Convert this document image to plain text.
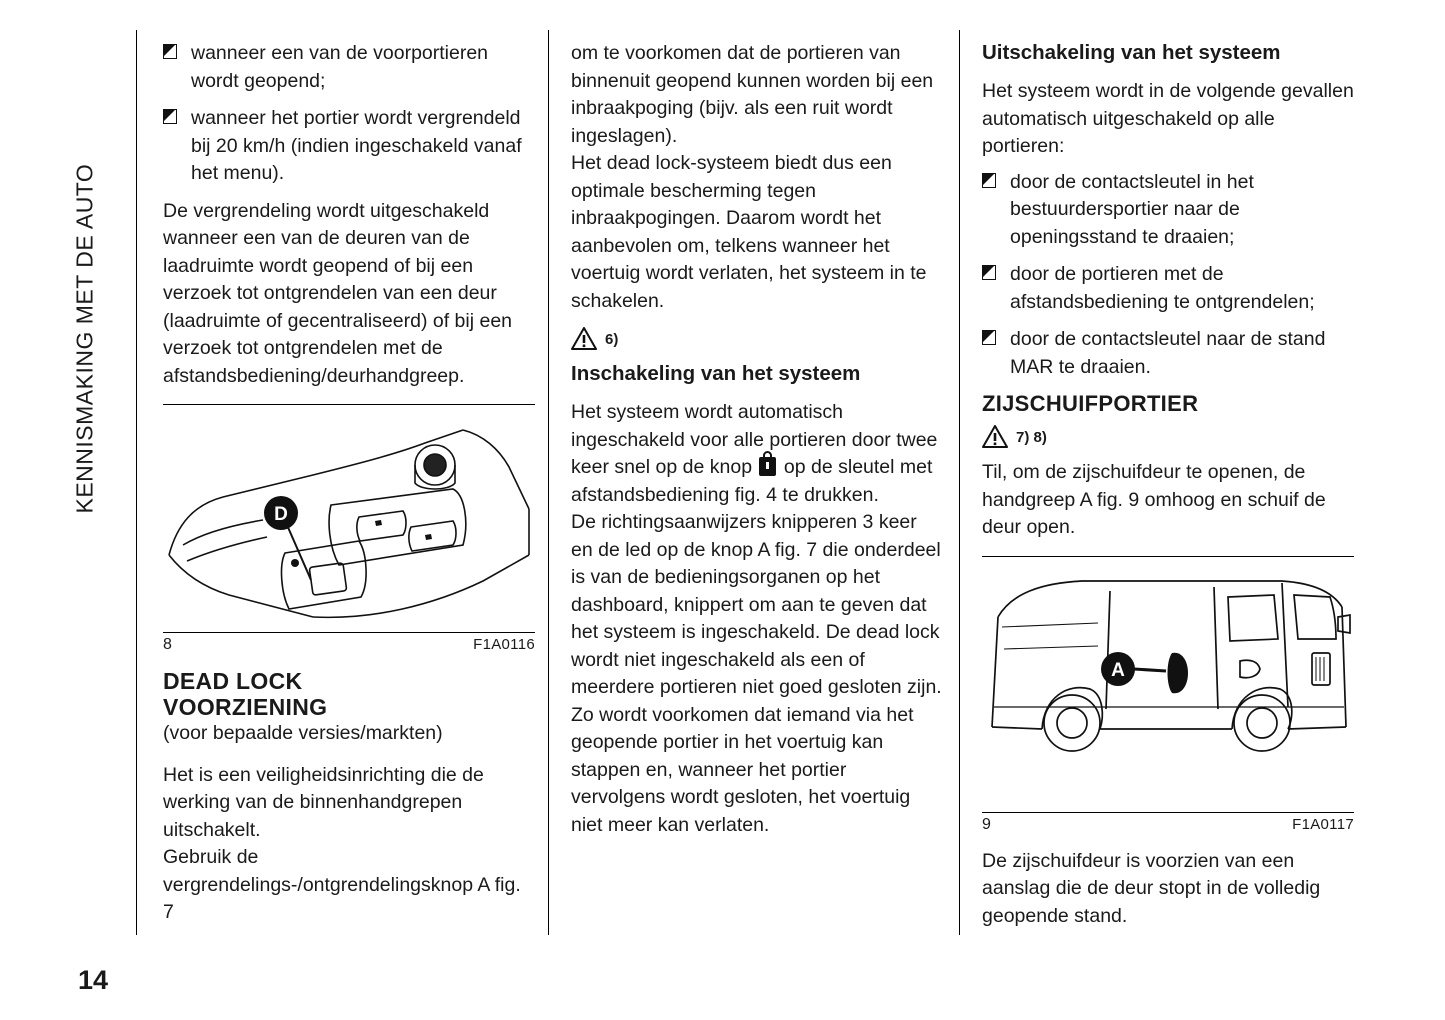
KENNISMAKING MET DE AUTO
wanneer een van de voorportieren wordt geopend;
wanneer het portier wordt vergrendeld bij 20 km/h (indien ingeschakeld vanaf het menu).

De vergrendeling wordt uitgeschakeld wanneer een van de deuren van de laadruimte wordt geopend of bij een verzoek tot ontgrendelen van een deur (laadruimte of gecentraliseerd) of bij een verzoek tot ontgrendelen met de afstandsbediening/deurhandgreep.

D
8	F1A0116
DEAD LOCK
VOORZIENING

(voor bepaalde versies/markten)

Het is een veiligheidsinrichting die de werking van de binnenhandgrepen uitschakelt.

Gebruik de vergrendelings-/ontgrendelingsknop A fig. 7

om te voorkomen dat de portieren van binnenuit geopend kunnen worden bij een inbraakpoging (bijv. als een ruit wordt ingeslagen).

Het dead lock-systeem biedt dus een optimale bescherming tegen inbraakpogingen. Daarom wordt het aanbevolen om, telkens wanneer het voertuig wordt verlaten, het systeem in te schakelen.

6)
Inschakeling van het systeem

Het systeem wordt automatisch ingeschakeld voor alle portieren door twee keer snel op de knop op de sleutel met afstandsbediening fig. 4 te drukken.

De richtingsaanwijzers knipperen 3 keer en de led op de knop A fig. 7 die onderdeel is van de bedieningsorganen op het dashboard, knippert om aan te geven dat het systeem is ingeschakeld. De dead lock wordt niet ingeschakeld als een of meerdere portieren niet goed gesloten zijn. Zo wordt voorkomen dat iemand via het geopende portier in het voertuig kan stappen en, wanneer het portier vervolgens wordt gesloten, het voertuig niet meer kan verlaten.

Uitschakeling van het systeem

Het systeem wordt in de volgende gevallen automatisch uitgeschakeld op alle portieren:

door de contactsleutel in het bestuurdersportier naar de openingsstand te draaien;
door de portieren met de afstandsbediening te ontgrendelen;
door de contactsleutel naar de stand MAR te draaien.
ZIJSCHUIFPORTIER
7) 8)

Til, om de zijschuifdeur te openen, de handgreep A fig. 9 omhoog en schuif de deur open.

A
9	F1A0117

De zijschuifdeur is voorzien van een aanslag die de deur stopt in de volledig geopende stand.

14
